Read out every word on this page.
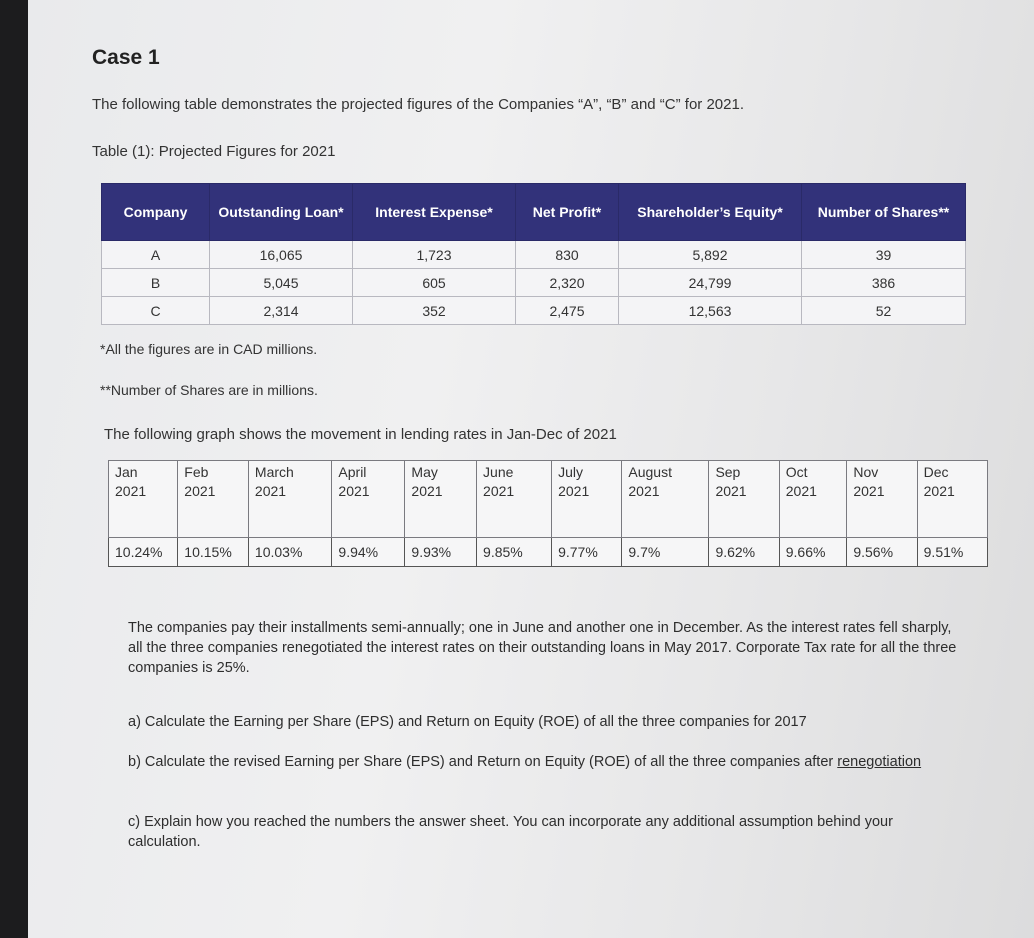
Case 1
The following table demonstrates the projected figures of the Companies “A”, “B” and “C” for 2021.
Table (1): Projected Figures for 2021
Company	Outstanding Loan*	Interest Expense*	Net Profit*	Shareholder’s Equity*	Number of Shares**
A	16,065	1,723	830	5,892	39
B	5,045	605	2,320	24,799	386
C	2,314	352	2,475	12,563	52
*All the figures are in CAD millions.
**Number of Shares are in millions.
The following graph shows the movement in lending rates in Jan-Dec of 2021
Jan 2021	Feb 2021	March 2021	April 2021	May 2021	June 2021	July 2021	August 2021	Sep 2021	Oct 2021	Nov 2021	Dec 2021

10.24%	10.15%	10.03%	9.94%	9.93%	9.85%	9.77%	9.7%	9.62%	9.66%	9.56%	9.51%
The companies pay their installments semi-annually; one in June and another one in December. As the interest rates fell sharply, all the three companies renegotiated the interest rates on their outstanding loans in May 2017. Corporate Tax rate for all the three companies is 25%.
a) Calculate the Earning per Share (EPS) and Return on Equity (ROE) of all the three companies for 2017
b) Calculate the revised Earning per Share (EPS) and Return on Equity (ROE) of all the three companies after renegotiation
c) Explain how you reached the numbers the answer sheet. You can incorporate any additional assumption behind your calculation.
